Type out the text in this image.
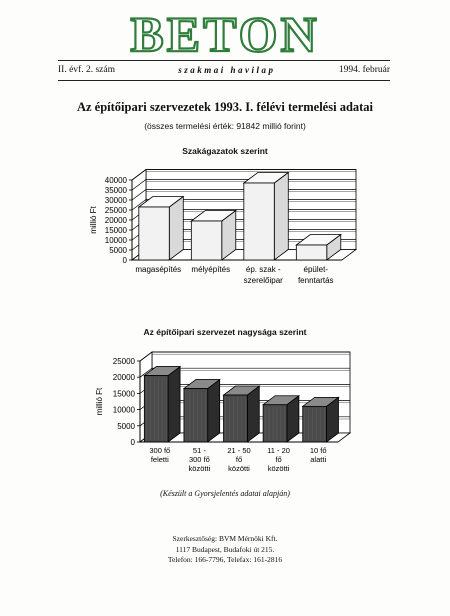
BETON
II. évf. 2. szám	szakmai havilap	1994. február
Az építőipari szervezetek 1993. I. félévi termelési adatai
(összes termelési érték: 91842 millió forint)
Szakágazatok szerint
0
5000
10000
15000
20000
25000
30000
35000
40000
millió Ft
magasépítés mélyépítés ép. szak -
szerelőipar
épület-
fenntartás
Az építőipari szervezet nagysága szerint
0
5000
10000
15000
20000
25000
millió Ft
300 fő
feletti
51 -
300 fő
közötti
21 - 50
fő
közötti
11 - 20
fő
közötti
10 fő
alatti
(Készült a Gyorsjelentés adatai alapján)
Szerkesztőség: BVM Mérnöki Kft.
1117 Budapest, Budafoki út 215.
Telefon: 166-7796, Telefax: 161-2816
